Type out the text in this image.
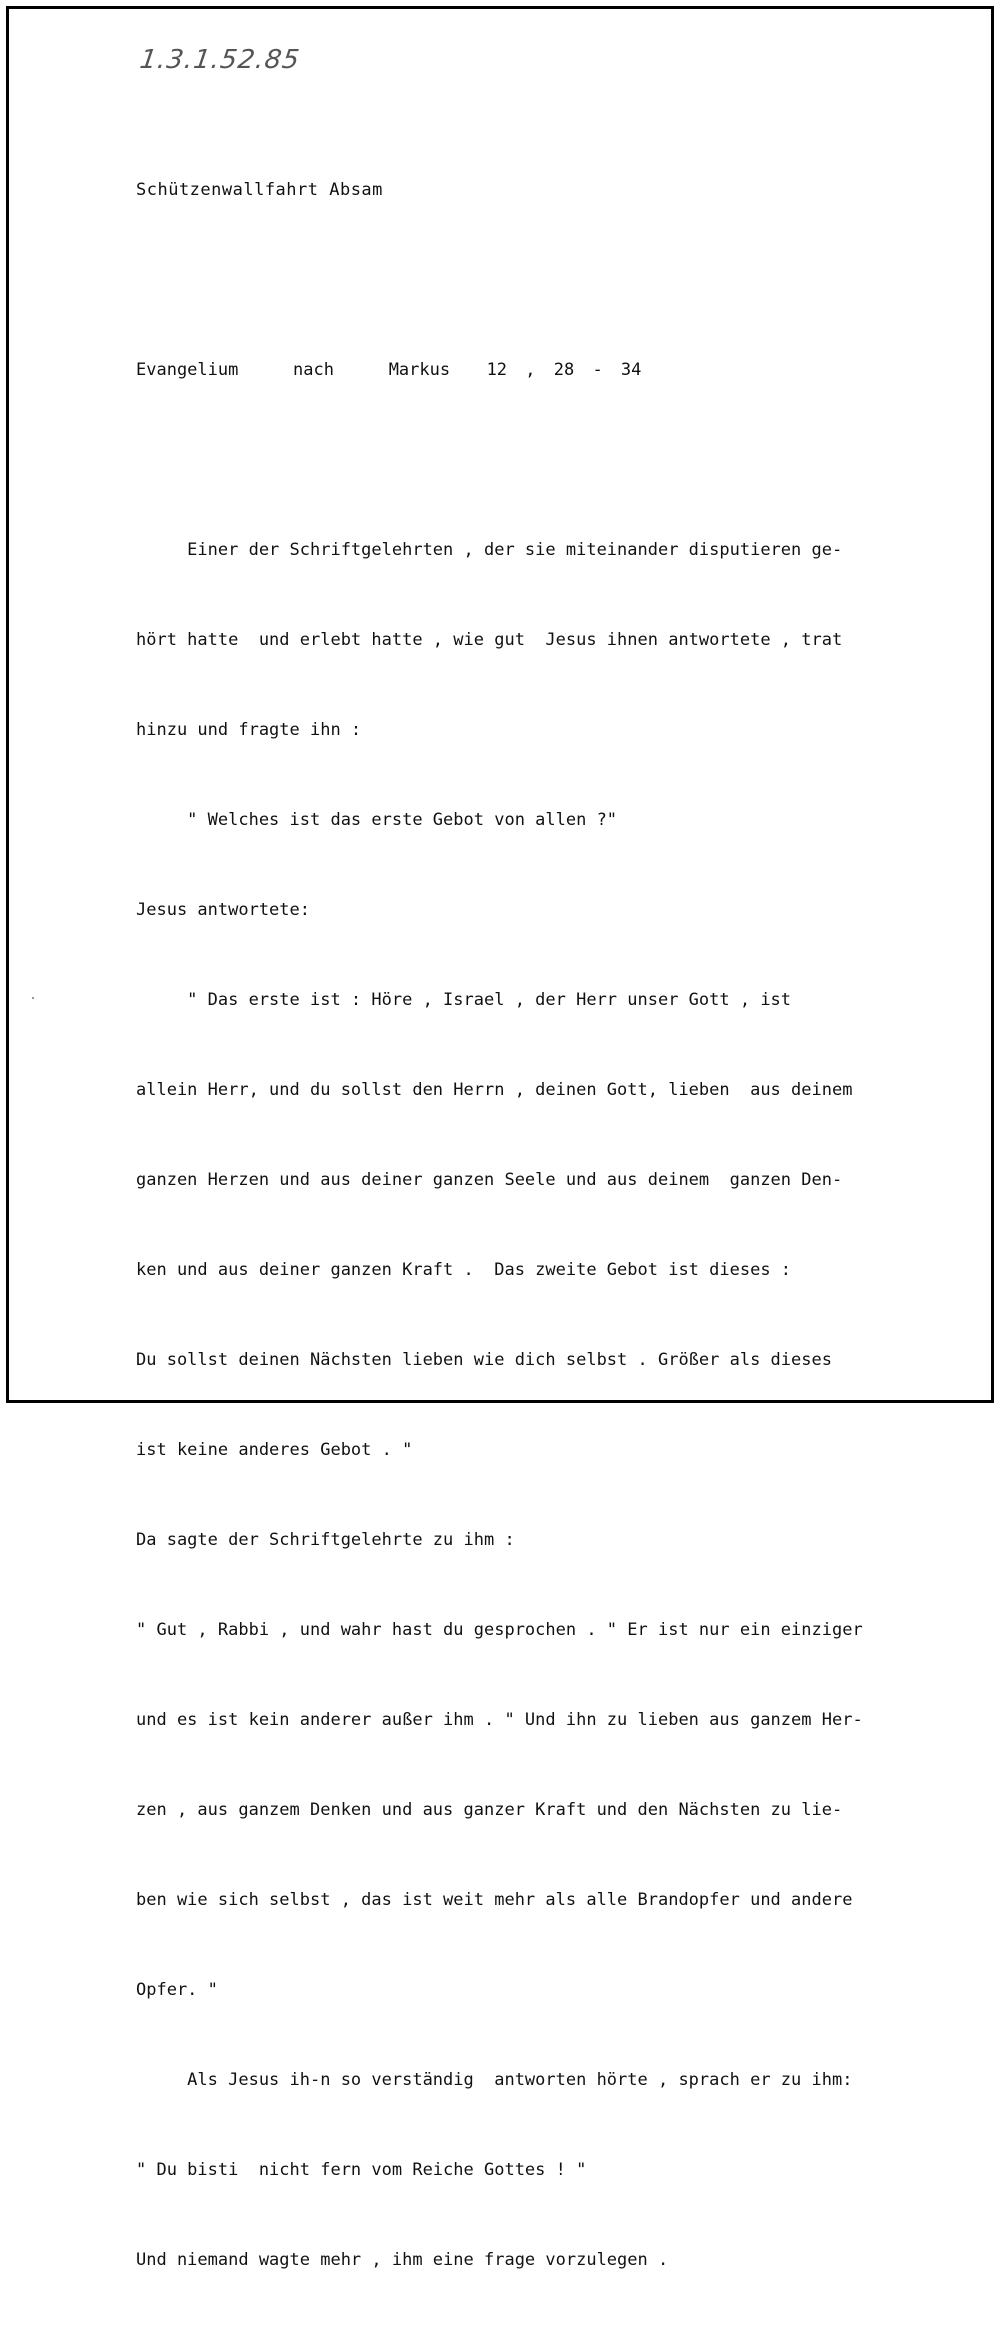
1.3.1.52.85

Schützenwallfahrt Absam

Evangelium   nach   Markus  12 , 28 - 34

Einer der Schriftgelehrten , der sie miteinander disputieren ge-

hört hatte  und erlebt hatte , wie gut  Jesus ihnen antwortete , trat

hinzu und fragte ihn :

" Welches ist das erste Gebot von allen ?"

Jesus antwortete:

" Das erste ist : Höre , Israel , der Herr unser Gott , ist

allein Herr, und du sollst den Herrn , deinen Gott, lieben  aus deinem

ganzen Herzen und aus deiner ganzen Seele und aus deinem  ganzen Den-

ken und aus deiner ganzen Kraft .  Das zweite Gebot ist dieses :

Du sollst deinen Nächsten lieben wie dich selbst . Größer als dieses

ist keine anderes Gebot . "

Da sagte der Schriftgelehrte zu ihm :

" Gut , Rabbi , und wahr hast du gesprochen . " Er ist nur ein einziger

und es ist kein anderer außer ihm . " Und ihn zu lieben aus ganzem Her-

zen , aus ganzem Denken und aus ganzer Kraft und den Nächsten zu lie-

ben wie sich selbst , das ist weit mehr als alle Brandopfer und andere

Opfer. "

Als Jesus ih-n so verständig  antworten hörte , sprach er zu ihm:

" Du bisti  nicht fern vom Reiche Gottes ! "

Und niemand wagte mehr , ihm eine frage vorzulegen .
